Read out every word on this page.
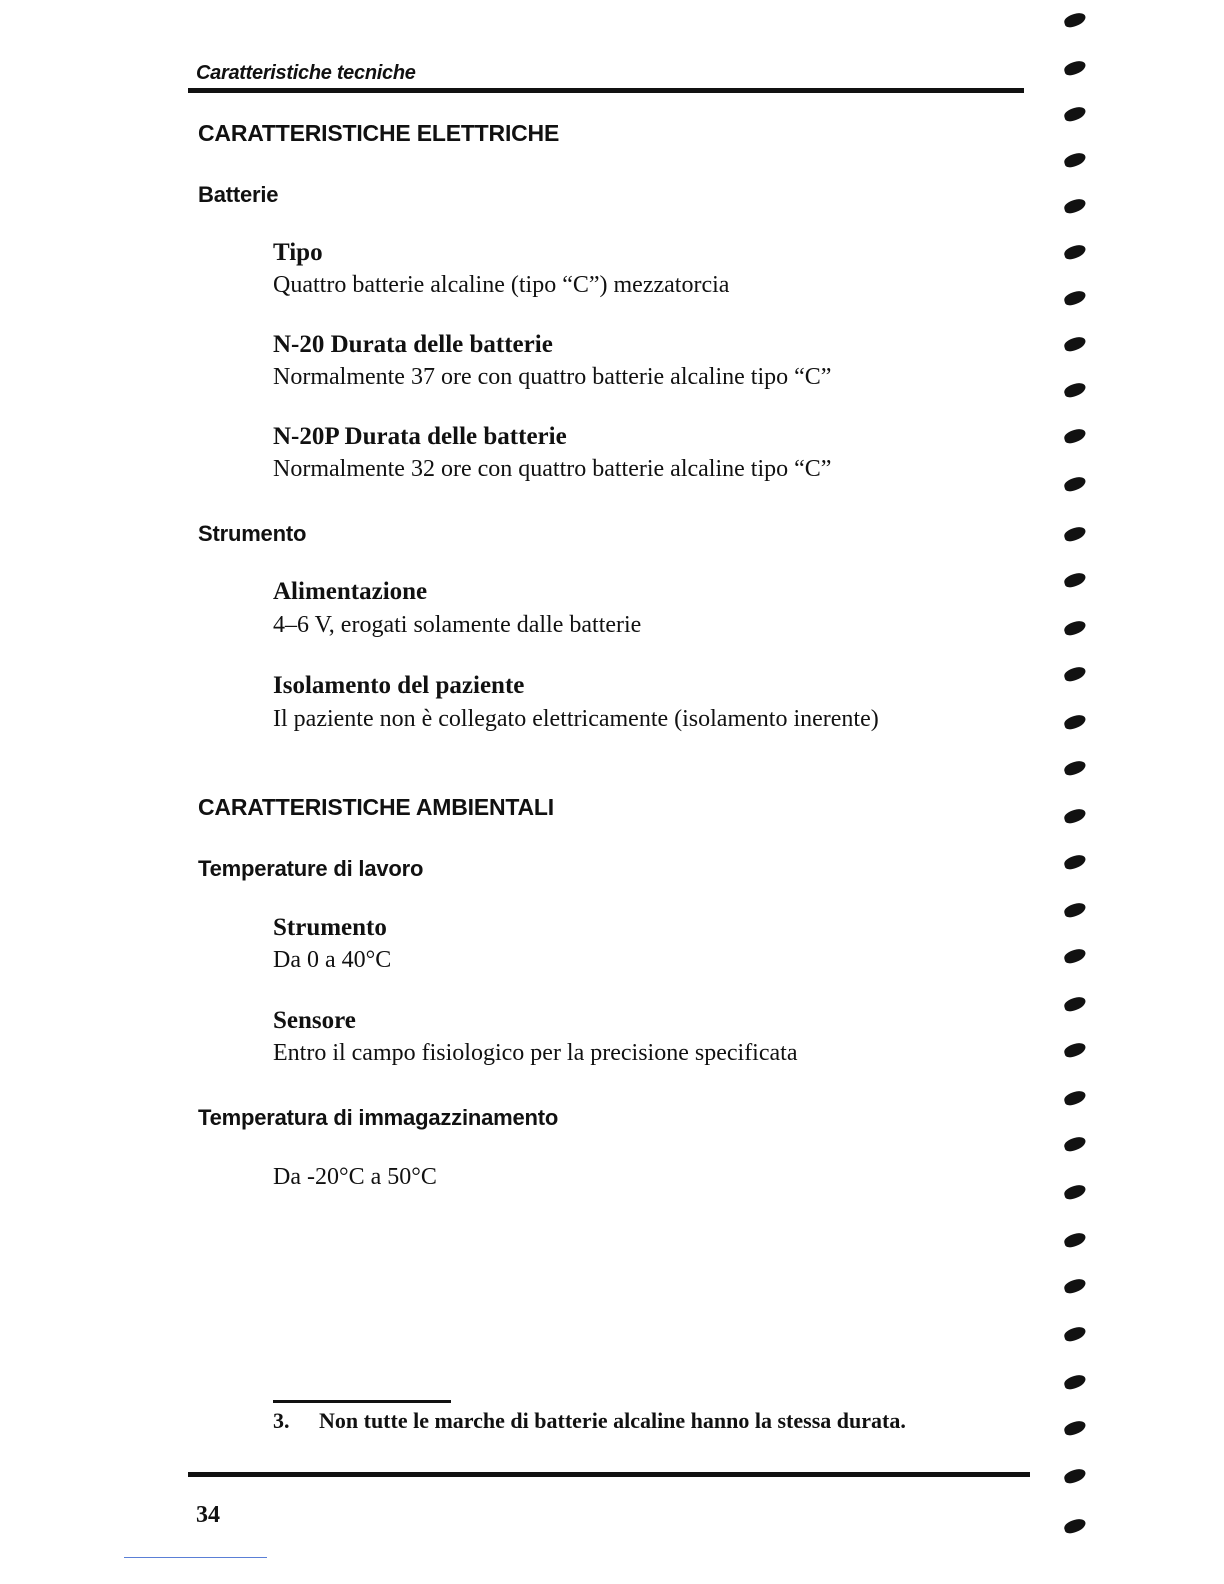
Caratteristiche tecniche
CARATTERISTICHE ELETTRICHE
Batterie
Tipo
Quattro batterie alcaline (tipo “C”) mezzatorcia
N-20 Durata delle batterie
Normalmente 37 ore con quattro batterie alcaline tipo “C”
N-20P Durata delle batterie
Normalmente 32 ore con quattro batterie alcaline tipo “C”
Strumento
Alimentazione
4–6 V, erogati solamente dalle batterie
Isolamento del paziente
Il paziente non è collegato elettricamente (isolamento inerente)
CARATTERISTICHE AMBIENTALI
Temperature di lavoro
Strumento
Da 0 a 40°C
Sensore
Entro il campo fisiologico per la precisione specificata
Temperatura di immagazzinamento
Da -20°C a 50°C
3. Non tutte le marche di batterie alcaline hanno la stessa durata.
34
